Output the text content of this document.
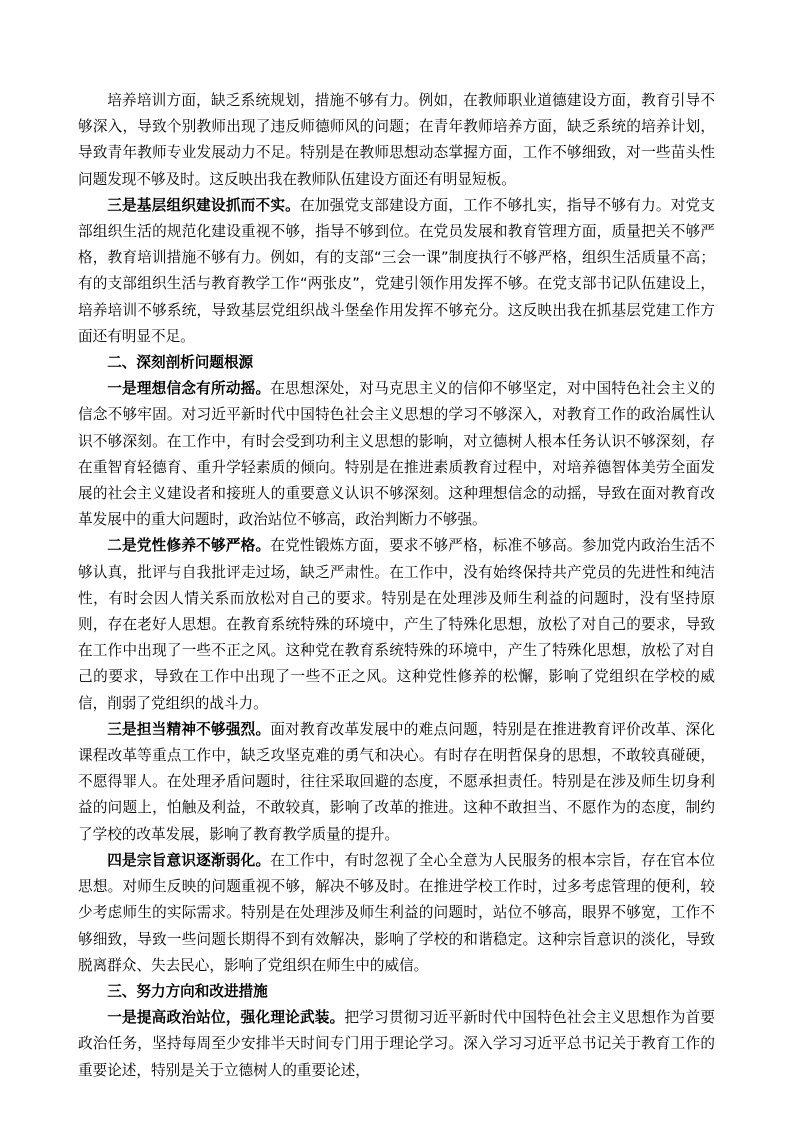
培养培训方面，缺乏系统规划，措施不够有力。例如，在教师职业道德建设方面，教育引导不够深入，导致个别教师出现了违反师德师风的问题；在青年教师培养方面，缺乏系统的培养计划，导致青年教师专业发展动力不足。特别是在教师思想动态掌握方面，工作不够细致，对一些苗头性问题发现不够及时。这反映出我在教师队伍建设方面还有明显短板。

三是基层组织建设抓而不实。在加强党支部建设方面，工作不够扎实，指导不够有力。对党支部组织生活的规范化建设重视不够，指导不够到位。在党员发展和教育管理方面，质量把关不够严格，教育培训措施不够有力。例如，有的支部“三会一课”制度执行不够严格，组织生活质量不高；有的支部组织生活与教育教学工作“两张皮”，党建引领作用发挥不够。在党支部书记队伍建设上，培养培训不够系统，导致基层党组织战斗堡垒作用发挥不够充分。这反映出我在抓基层党建工作方面还有明显不足。

二、深刻剖析问题根源

一是理想信念有所动摇。在思想深处，对马克思主义的信仰不够坚定，对中国特色社会主义的信念不够牢固。对习近平新时代中国特色社会主义思想的学习不够深入，对教育工作的政治属性认识不够深刻。在工作中，有时会受到功利主义思想的影响，对立德树人根本任务认识不够深刻，存在重智育轻德育、重升学轻素质的倾向。特别是在推进素质教育过程中，对培养德智体美劳全面发展的社会主义建设者和接班人的重要意义认识不够深刻。这种理想信念的动摇，导致在面对教育改革发展中的重大问题时，政治站位不够高，政治判断力不够强。

二是党性修养不够严格。在党性锻炼方面，要求不够严格，标准不够高。参加党内政治生活不够认真，批评与自我批评走过场，缺乏严肃性。在工作中，没有始终保持共产党员的先进性和纯洁性，有时会因人情关系而放松对自己的要求。特别是在处理涉及师生利益的问题时，没有坚持原则，存在老好人思想。在教育系统特殊的环境中，产生了特殊化思想，放松了对自己的要求，导致在工作中出现了一些不正之风。这种党在教育系统特殊的环境中，产生了特殊化思想，放松了对自己的要求，导致在工作中出现了一些不正之风。这种党性修养的松懈，影响了党组织在学校的威信，削弱了党组织的战斗力。

三是担当精神不够强烈。面对教育改革发展中的难点问题，特别是在推进教育评价改革、深化课程改革等重点工作中，缺乏攻坚克难的勇气和决心。有时存在明哲保身的思想，不敢较真碰硬，不愿得罪人。在处理矛盾问题时，往往采取回避的态度，不愿承担责任。特别是在涉及师生切身利益的问题上，怕触及利益，不敢较真，影响了改革的推进。这种不敢担当、不愿作为的态度，制约了学校的改革发展，影响了教育教学质量的提升。

四是宗旨意识逐渐弱化。在工作中，有时忽视了全心全意为人民服务的根本宗旨，存在官本位思想。对师生反映的问题重视不够，解决不够及时。在推进学校工作时，过多考虑管理的便利，较少考虑师生的实际需求。特别是在处理涉及师生利益的问题时，站位不够高，眼界不够宽，工作不够细致，导致一些问题长期得不到有效解决，影响了学校的和谐稳定。这种宗旨意识的淡化，导致脱离群众、失去民心，影响了党组织在师生中的威信。

三、努力方向和改进措施

一是提高政治站位，强化理论武装。把学习贯彻习近平新时代中国特色社会主义思想作为首要政治任务，坚持每周至少安排半天时间专门用于理论学习。深入学习习近平总书记关于教育工作的重要论述，特别是关于立德树人的重要论述，
